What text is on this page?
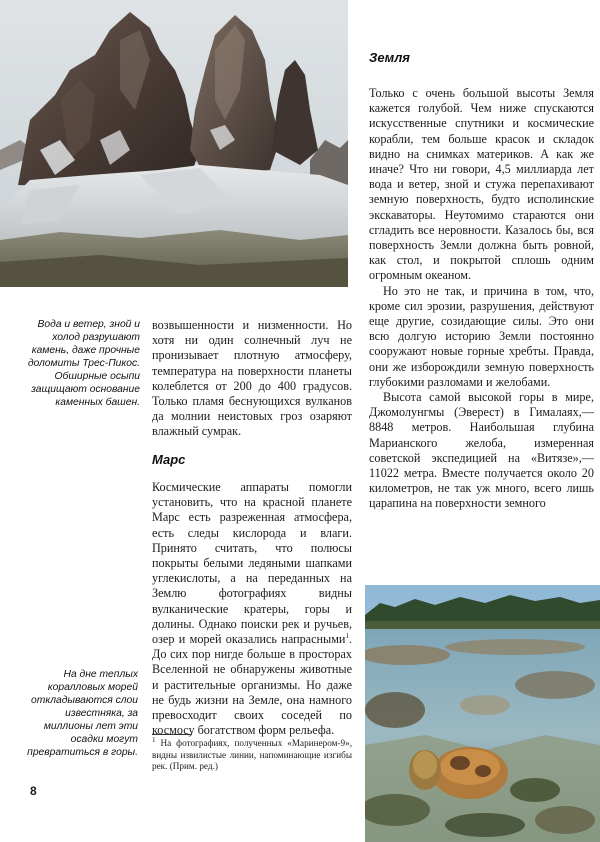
Земля

Только с очень большой высоты Земля кажется голубой. Чем ниже спускаются искусственные спутники и космические корабли, тем больше красок и складок видно на снимках материков. А как же иначе? Что ни говори, 4,5 миллиарда лет вода и ветер, зной и стужа перепахивают земную поверхность, будто исполинские экскаваторы. Неутомимо стараются они сгладить все неровности. Казалось бы, вся поверхность Земли должна быть ровной, как стол, и покрытой сплошь одним огромным океаном.

Но это не так, и причина в том, что, кроме сил эрозии, разрушения, действуют еще другие, созидающие силы. Это они всю долгую историю Земли постоянно сооружают новые горные хребты. Правда, они же изборождили земную поверхность глубокими разломами и желобами.

Высота самой высокой горы в мире, Джомолунгмы (Эверест) в Гималаях,— 8848 метров. Наибольшая глубина Марианского желоба, измеренная советской экспедицией на «Витязе»,— 11022 метра. Вместе получается около 20 километров, не так уж много, всего лишь царапина на поверхности земного

Вода и ветер, зной и холод разрушают камень, даже прочные доломиты Трес-Пикос. Обширные осыпи защищают основание каменных башен.

возвышенности и низменности. Но хотя ни один солнечный луч не пронизывает плотную атмосферу, температура на поверхности планеты колеблется от 200 до 400 градусов. Только пламя беснующихся вулканов да молнии неистовых гроз озаряют влажный сумрак.

Марс

Космические аппараты помогли установить, что на красной планете Марс есть разреженная атмосфера, есть следы кислорода и влаги. Принято считать, что полюсы покрыты белыми ледяными шапками углекислоты, а на переданных на Землю фотографиях видны вулканические кратеры, горы и долины. Однако поиски рек и ручьев, озер и морей оказались напрасными$^1$. До сих пор нигде больше в просторах Вселенной не обнаружены животные и растительные организмы. Но даже не будь жизни на Земле, она намного превосходит своих соседей по космосу богатством форм рельефа.

$^1$ На фотографиях, полученных «Маринером-9», видны извилистые линии, напоминающие изгибы рек. (Прим. ред.)
На дне теплых коралловых морей откладываются слои известняка, за миллионы лет эти осадки могут превратиться в горы.
8
